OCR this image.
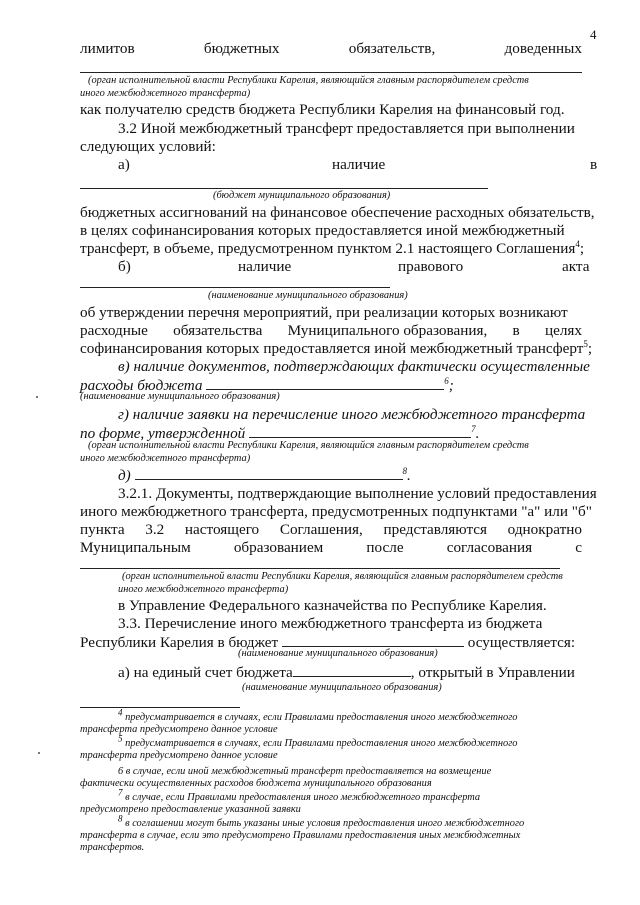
4
лимитов	бюджетных	обязательств,	доведенных
(орган исполнительной власти Республики Карелия, являющийся главным распорядителем средств
иного межбюджетного трансферта)
как получателю средств бюджета Республики Карелия на финансовый год.
3.2 Иной межбюджетный трансферт предоставляется при выполнении
следующих условий:
а)	наличие	в
(бюджет муниципального образования)
бюджетных ассигнований на финансовое обеспечение расходных обязательств,
в целях софинансирования которых предоставляется иной межбюджетный
трансферт, в объеме, предусмотренном пунктом 2.1 настоящего Соглашения$^4$;
б)	наличие	правового	акта
(наименование муниципального образования)
об утверждении перечня мероприятий, при реализации которых возникают
расходные обязательства Муниципального образования, в целях
софинансирования которых предоставляется иной межбюджетный трансферт$^5$;
в) наличие документов, подтверждающих фактически осуществленные
расходы бюджета	$^6$;
(наименование муниципального образования)
г) наличие заявки на перечисление иного межбюджетного трансферта
по форме, утвержденной	$^7$.
(орган исполнительной власти Республики Карелия, являющийся главным распорядителем средств
иного межбюджетного трансферта)
д)	$^8$.
3.2.1. Документы, подтверждающие выполнение условий предоставления
иного межбюджетного трансферта, предусмотренных подпунктами "а" или "б"
пункта 3.2 настоящего Соглашения, представляются однократно
Муниципальным	образованием	после	согласования	с
(орган исполнительной власти Республики Карелия, являющийся главным распорядителем средств
иного межбюджетного трансферта)
в Управление Федерального казначейства по Республике Карелия.
3.3. Перечисление иного межбюджетного трансферта из бюджета
Республики Карелия в бюджет	осуществляется:
(наименование муниципального образования)
а) на единый счет бюджета	, открытый в Управлении
(наименование муниципального образования)
$^4$ предусматривается в случаях, если Правилами предоставления иного межбюджетного
трансферта предусмотрено данное условие
$^5$ предусматривается в случаях, если Правилами предоставления иного межбюджетного
трансферта предусмотрено данное условие
6 в случае, если иной межбюджетный трансферт предоставляется на возмещение
фактически осуществленных расходов бюджета муниципального образования
$^7$ в случае, если Правилами предоставления иного межбюджетного трансферта
предусмотрено предоставление указанной заявки
$^8$ в соглашении могут быть указаны иные условия предоставления иного межбюджетного
трансферта в случае, если это предусмотрено Правилами предоставления иных межбюджетных
трансфертов.
